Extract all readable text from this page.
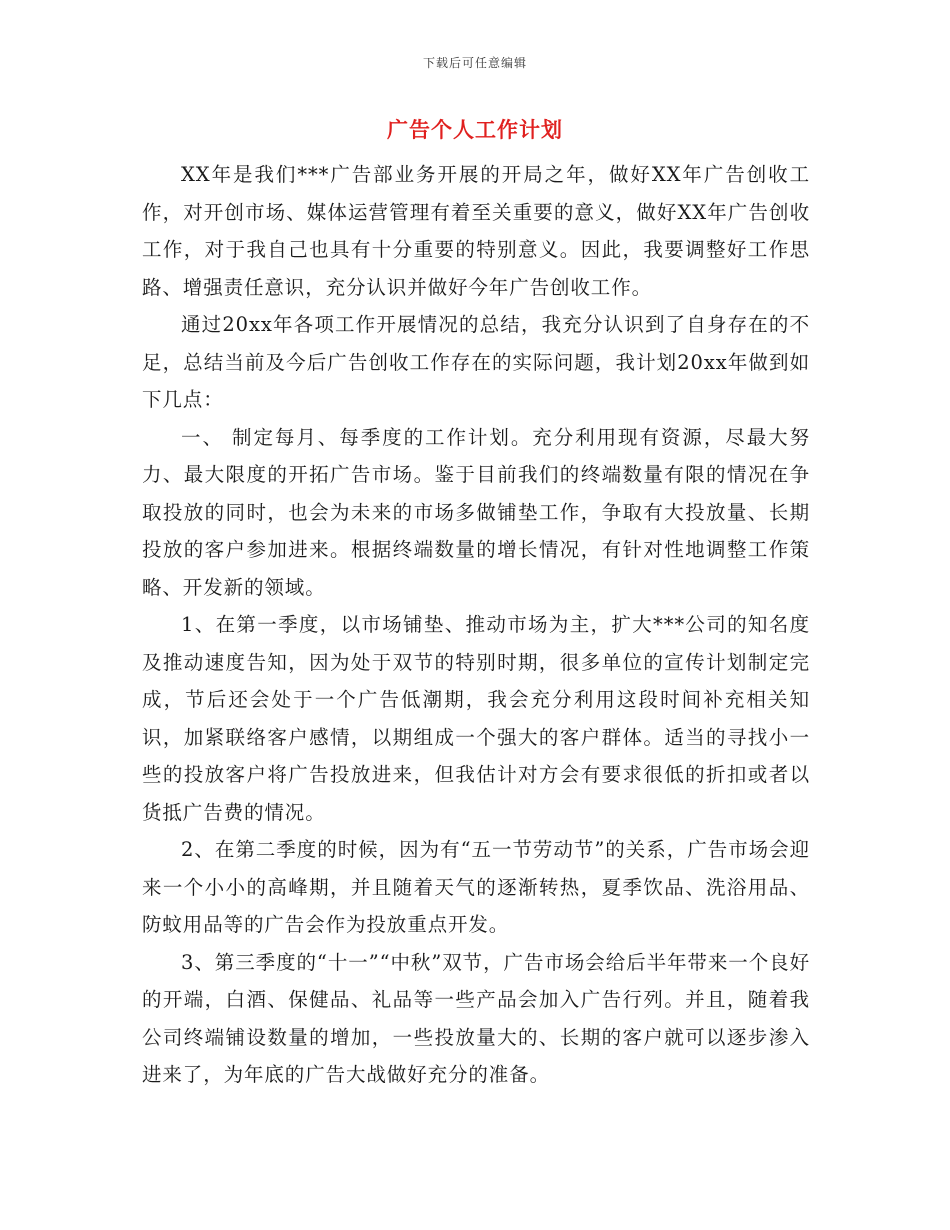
下载后可任意编辑
广告个人工作计划

XX年是我们***广告部业务开展的开局之年，做好XX年广告创收工作，对开创市场、媒体运营管理有着至关重要的意义，做好XX年广告创收工作，对于我自己也具有十分重要的特别意义。因此，我要调整好工作思路、增强责任意识，充分认识并做好今年广告创收工作。

通过20xx年各项工作开展情况的总结，我充分认识到了自身存在的不足，总结当前及今后广告创收工作存在的实际问题，我计划20xx年做到如下几点：

一、 制定每月、每季度的工作计划。充分利用现有资源，尽最大努力、最大限度的开拓广告市场。鉴于目前我们的终端数量有限的情况在争取投放的同时，也会为未来的市场多做铺垫工作，争取有大投放量、长期投放的客户参加进来。根据终端数量的增长情况，有针对性地调整工作策略、开发新的领域。

1、在第一季度，以市场铺垫、推动市场为主，扩大***公司的知名度及推动速度告知，因为处于双节的特别时期，很多单位的宣传计划制定完成，节后还会处于一个广告低潮期，我会充分利用这段时间补充相关知识，加紧联络客户感情，以期组成一个强大的客户群体。适当的寻找小一些的投放客户将广告投放进来，但我估计对方会有要求很低的折扣或者以货抵广告费的情况。

2、在第二季度的时候，因为有“五一节劳动节”的关系，广告市场会迎来一个小小的高峰期，并且随着天气的逐渐转热，夏季饮品、洗浴用品、防蚊用品等的广告会作为投放重点开发。

3、第三季度的“十一”“中秋”双节，广告市场会给后半年带来一个良好的开端，白酒、保健品、礼品等一些产品会加入广告行列。并且，随着我公司终端铺设数量的增加，一些投放量大的、长期的客户就可以逐步渗入进来了，为年底的广告大战做好充分的准备。
